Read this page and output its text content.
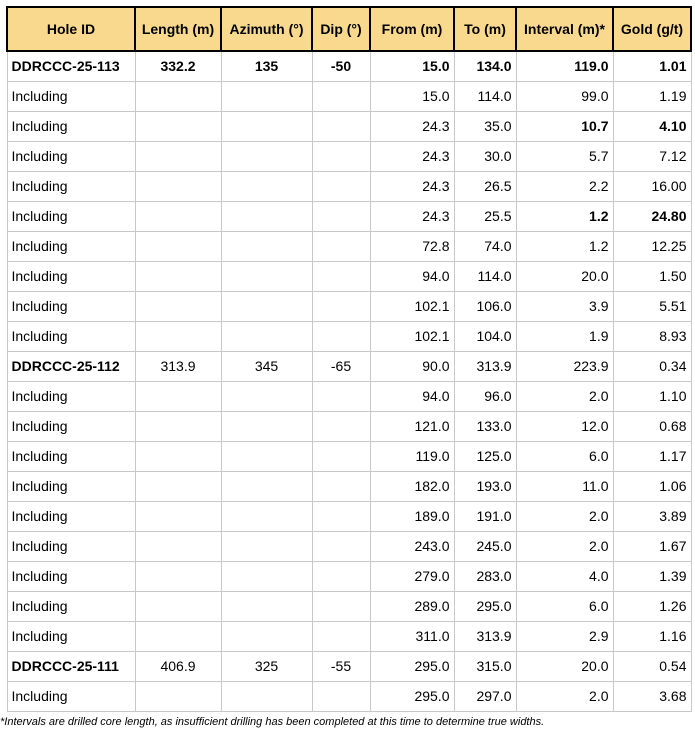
Hole ID	Length (m)	Azimuth (°)	Dip (°)	From (m)	To (m)	Interval (m)*	Gold (g/t)
DDRCCC-25-113	332.2	135	-50	15.0	134.0	119.0	1.01
Including				15.0	114.0	99.0	1.19
Including				24.3	35.0	10.7	4.10
Including				24.3	30.0	5.7	7.12
Including				24.3	26.5	2.2	16.00
Including				24.3	25.5	1.2	24.80
Including				72.8	74.0	1.2	12.25
Including				94.0	114.0	20.0	1.50
Including				102.1	106.0	3.9	5.51
Including				102.1	104.0	1.9	8.93
DDRCCC-25-112	313.9	345	-65	90.0	313.9	223.9	0.34
Including				94.0	96.0	2.0	1.10
Including				121.0	133.0	12.0	0.68
Including				119.0	125.0	6.0	1.17
Including				182.0	193.0	11.0	1.06
Including				189.0	191.0	2.0	3.89
Including				243.0	245.0	2.0	1.67
Including				279.0	283.0	4.0	1.39
Including				289.0	295.0	6.0	1.26
Including				311.0	313.9	2.9	1.16
DDRCCC-25-111	406.9	325	-55	295.0	315.0	20.0	0.54
Including				295.0	297.0	2.0	3.68
*Intervals are drilled core length, as insufficient drilling has been completed at this time to determine true widths.
